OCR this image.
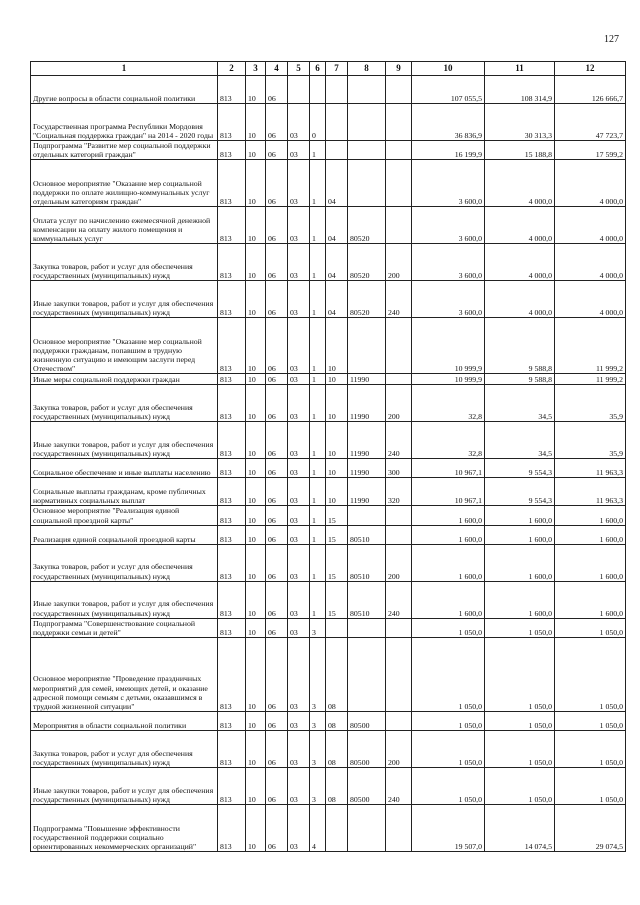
127
1	2	3	4	5	6	7	8	9	10	11	12
Другие вопросы в области социальной политики	813	10	06						107 055,5	108 314,9	126 666,7
Государственная программа Республики Мордовия "Социальная поддержка граждан" на 2014 - 2020 годы	813	10	06	03	0				36 836,9	30 313,3	47 723,7
Подпрограмма "Развитие мер социальной поддержки отдельных категорий граждан"	813	10	06	03	1				16 199,9	15 188,8	17 599,2
Основное мероприятие "Оказание мер социальной поддержки по оплате жилищно-коммунальных услуг отдельным категориям граждан"	813	10	06	03	1	04			3 600,0	4 000,0	4 000,0
Оплата услуг по начислению ежемесячной денежной компенсации на оплату жилого помещения и коммунальных услуг	813	10	06	03	1	04	80520		3 600,0	4 000,0	4 000,0
Закупка товаров, работ и услуг для обеспечения государственных (муниципальных) нужд	813	10	06	03	1	04	80520	200	3 600,0	4 000,0	4 000,0
Иные закупки товаров, работ и услуг для обеспечения государственных (муниципальных) нужд	813	10	06	03	1	04	80520	240	3 600,0	4 000,0	4 000,0
Основное мероприятие "Оказание мер социальной поддержки гражданам, попавшим в трудную жизненную ситуацию и имеющим заслуги перед Отечеством"	813	10	06	03	1	10			10 999,9	9 588,8	11 999,2
Иные меры социальной поддержки граждан	813	10	06	03	1	10	11990		10 999,9	9 588,8	11 999,2
Закупка товаров, работ и услуг для обеспечения государственных (муниципальных) нужд	813	10	06	03	1	10	11990	200	32,8	34,5	35,9
Иные закупки товаров, работ и услуг для обеспечения государственных (муниципальных) нужд	813	10	06	03	1	10	11990	240	32,8	34,5	35,9
Социальное обеспечение и иные выплаты населению	813	10	06	03	1	10	11990	300	10 967,1	9 554,3	11 963,3
Социальные выплаты гражданам, кроме публичных нормативных социальных выплат	813	10	06	03	1	10	11990	320	10 967,1	9 554,3	11 963,3
Основное мероприятие "Реализация единой социальной проездной карты"	813	10	06	03	1	15			1 600,0	1 600,0	1 600,0
Реализация единой социальной проездной карты	813	10	06	03	1	15	80510		1 600,0	1 600,0	1 600,0
Закупка товаров, работ и услуг для обеспечения государственных (муниципальных) нужд	813	10	06	03	1	15	80510	200	1 600,0	1 600,0	1 600,0
Иные закупки товаров, работ и услуг для обеспечения государственных (муниципальных) нужд	813	10	06	03	1	15	80510	240	1 600,0	1 600,0	1 600,0
Подпрограмма "Совершенствование социальной поддержки семьи и детей"	813	10	06	03	3				1 050,0	1 050,0	1 050,0
Основное мероприятие "Проведение праздничных мероприятий для семей, имеющих детей, и оказание адресной помощи семьям с детьми, оказавшимся в трудной жизненной ситуации"	813	10	06	03	3	08			1 050,0	1 050,0	1 050,0
Мероприятия в области социальной политики	813	10	06	03	3	08	80500		1 050,0	1 050,0	1 050,0
Закупка товаров, работ и услуг для обеспечения государственных (муниципальных) нужд	813	10	06	03	3	08	80500	200	1 050,0	1 050,0	1 050,0
Иные закупки товаров, работ и услуг для обеспечения государственных (муниципальных) нужд	813	10	06	03	3	08	80500	240	1 050,0	1 050,0	1 050,0
Подпрограмма "Повышение эффективности государственной поддержки социально ориентированных некоммерческих организаций"	813	10	06	03	4				19 507,0	14 074,5	29 074,5
